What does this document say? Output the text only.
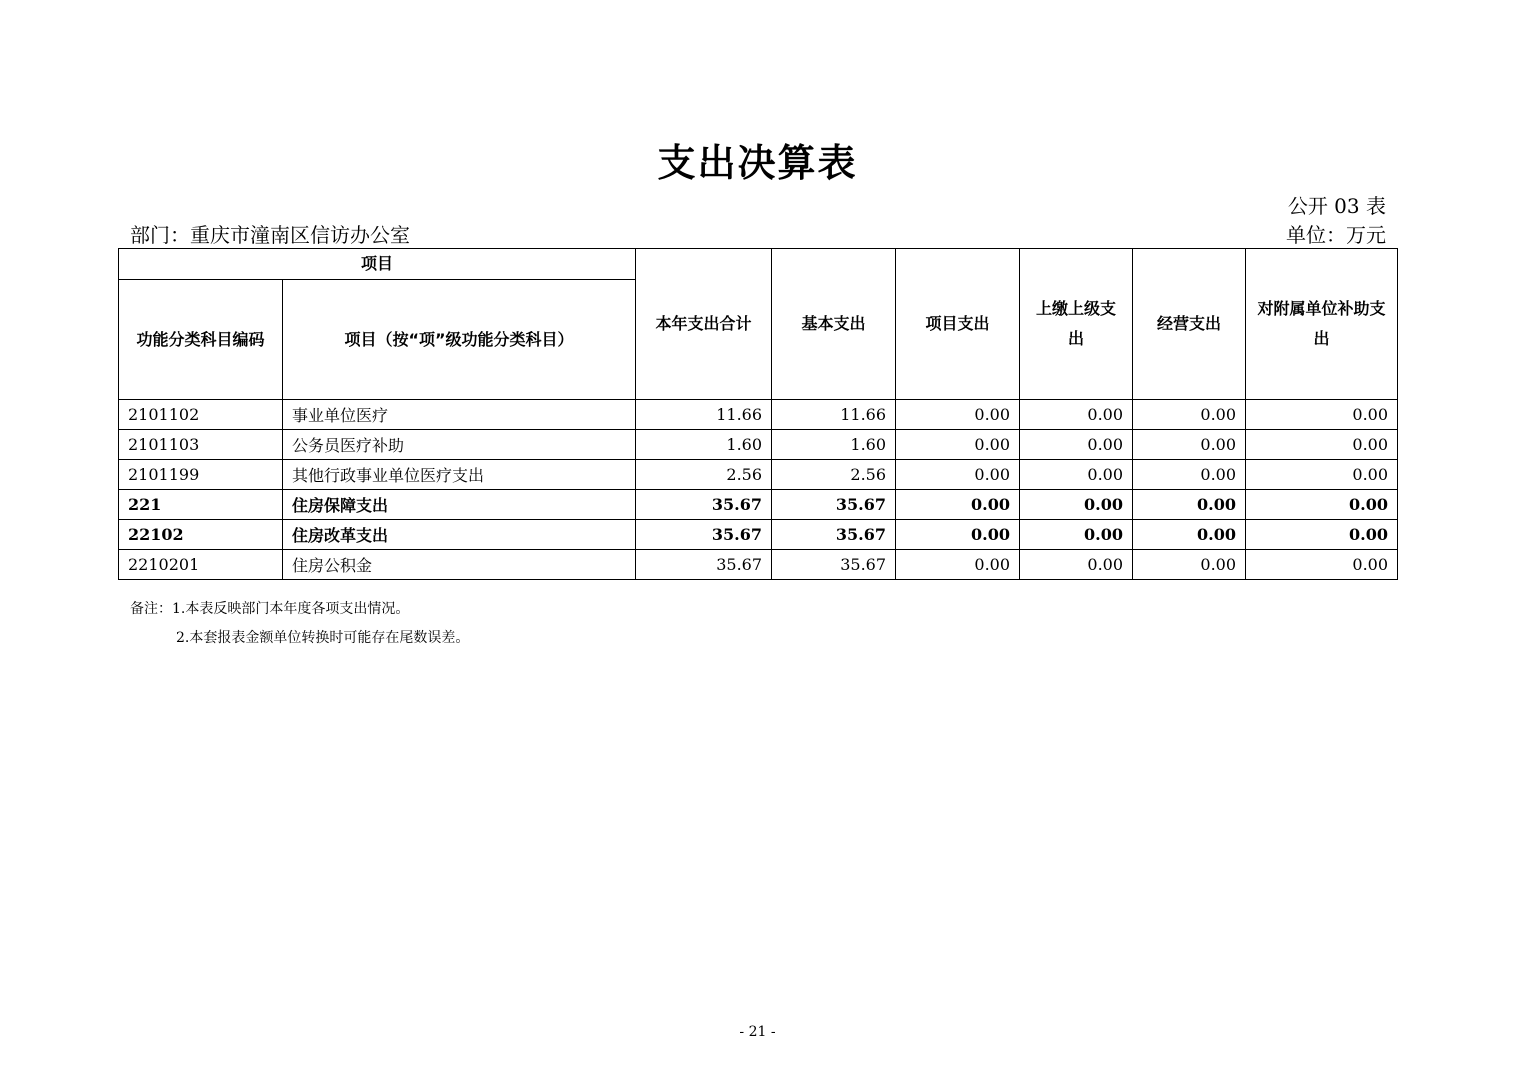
支出决算表
公开 03 表
部门：重庆市潼南区信访办公室	单位：万元
项目		本年支出合计	基本支出	项目支出	上缴上级支出	经营支出	对附属单位补助支出
功能分类科目编码	项目（按“项”级功能分类科目）						
2101102	事业单位医疗	11.66	11.66	0.00	0.00	0.00	0.00
2101103	公务员医疗补助	1.60	1.60	0.00	0.00	0.00	0.00
2101199	其他行政事业单位医疗支出	2.56	2.56	0.00	0.00	0.00	0.00
221	住房保障支出	35.67	35.67	0.00	0.00	0.00	0.00
22102	住房改革支出	35.67	35.67	0.00	0.00	0.00	0.00
2210201	住房公积金	35.67	35.67	0.00	0.00	0.00	0.00
备注：1.本表反映部门本年度各项支出情况。
2.本套报表金额单位转换时可能存在尾数误差。
- 21 -
